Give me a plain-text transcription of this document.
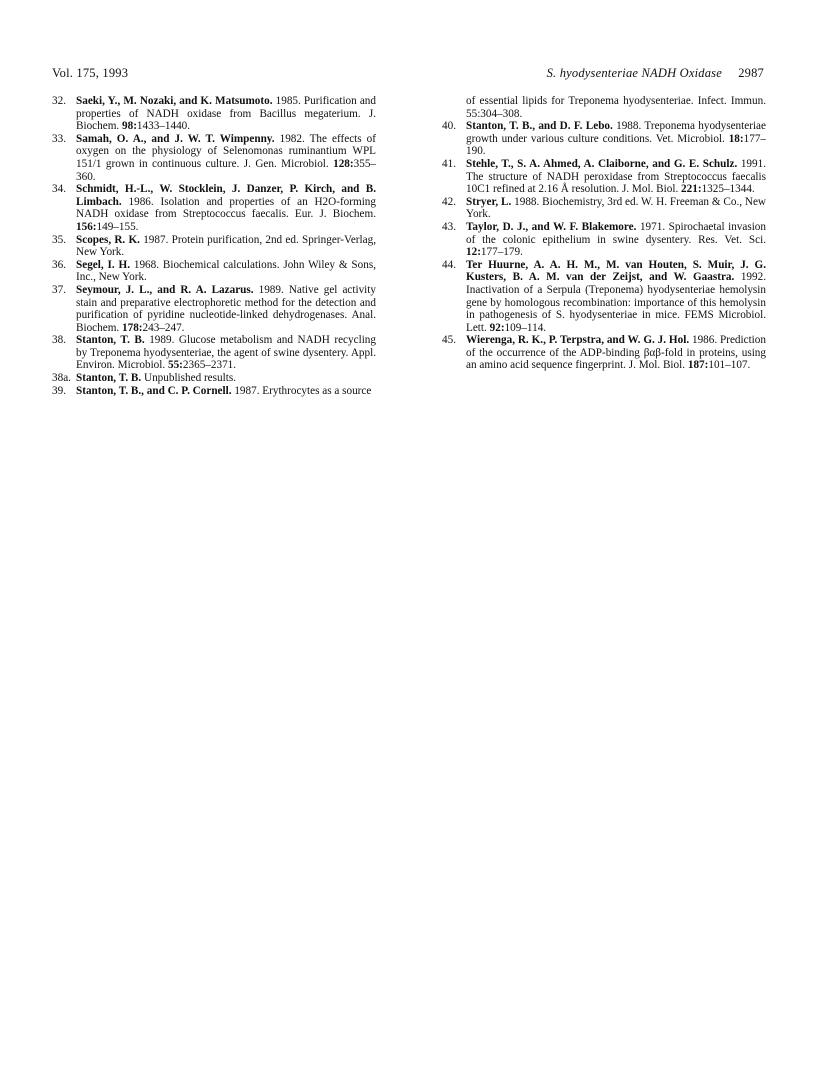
Vol. 175, 1993	S. hyodysenteriae NADH Oxidase 2987
32. Saeki, Y., M. Nozaki, and K. Matsumoto. 1985. Purification and properties of NADH oxidase from Bacillus megaterium. J. Biochem. 98:1433–1440.
33. Samah, O. A., and J. W. T. Wimpenny. 1982. The effects of oxygen on the physiology of Selenomonas ruminantium WPL 151/1 grown in continuous culture. J. Gen. Microbiol. 128:355–360.
34. Schmidt, H.-L., W. Stocklein, J. Danzer, P. Kirch, and B. Limbach. 1986. Isolation and properties of an H2O-forming NADH oxidase from Streptococcus faecalis. Eur. J. Biochem. 156:149–155.
35. Scopes, R. K. 1987. Protein purification, 2nd ed. Springer-Verlag, New York.
36. Segel, I. H. 1968. Biochemical calculations. John Wiley & Sons, Inc., New York.
37. Seymour, J. L., and R. A. Lazarus. 1989. Native gel activity stain and preparative electrophoretic method for the detection and purification of pyridine nucleotide-linked dehydrogenases. Anal. Biochem. 178:243–247.
38. Stanton, T. B. 1989. Glucose metabolism and NADH recycling by Treponema hyodysenteriae, the agent of swine dysentery. Appl. Environ. Microbiol. 55:2365–2371.
38a. Stanton, T. B. Unpublished results.
39. Stanton, T. B., and C. P. Cornell. 1987. Erythrocytes as a source
of essential lipids for Treponema hyodysenteriae. Infect. Immun. 55:304–308.
40. Stanton, T. B., and D. F. Lebo. 1988. Treponema hyodysenteriae growth under various culture conditions. Vet. Microbiol. 18:177–190.
41. Stehle, T., S. A. Ahmed, A. Claiborne, and G. E. Schulz. 1991. The structure of NADH peroxidase from Streptococcus faecalis 10C1 refined at 2.16 Å resolution. J. Mol. Biol. 221:1325–1344.
42. Stryer, L. 1988. Biochemistry, 3rd ed. W. H. Freeman & Co., New York.
43. Taylor, D. J., and W. F. Blakemore. 1971. Spirochaetal invasion of the colonic epithelium in swine dysentery. Res. Vet. Sci. 12:177–179.
44. Ter Huurne, A. A. H. M., M. van Houten, S. Muir, J. G. Kusters, B. A. M. van der Zeijst, and W. Gaastra. 1992. Inactivation of a Serpula (Treponema) hyodysenteriae hemolysin gene by homologous recombination: importance of this hemolysin in pathogenesis of S. hyodysenteriae in mice. FEMS Microbiol. Lett. 92:109–114.
45. Wierenga, R. K., P. Terpstra, and W. G. J. Hol. 1986. Prediction of the occurrence of the ADP-binding βαβ-fold in proteins, using an amino acid sequence fingerprint. J. Mol. Biol. 187:101–107.
